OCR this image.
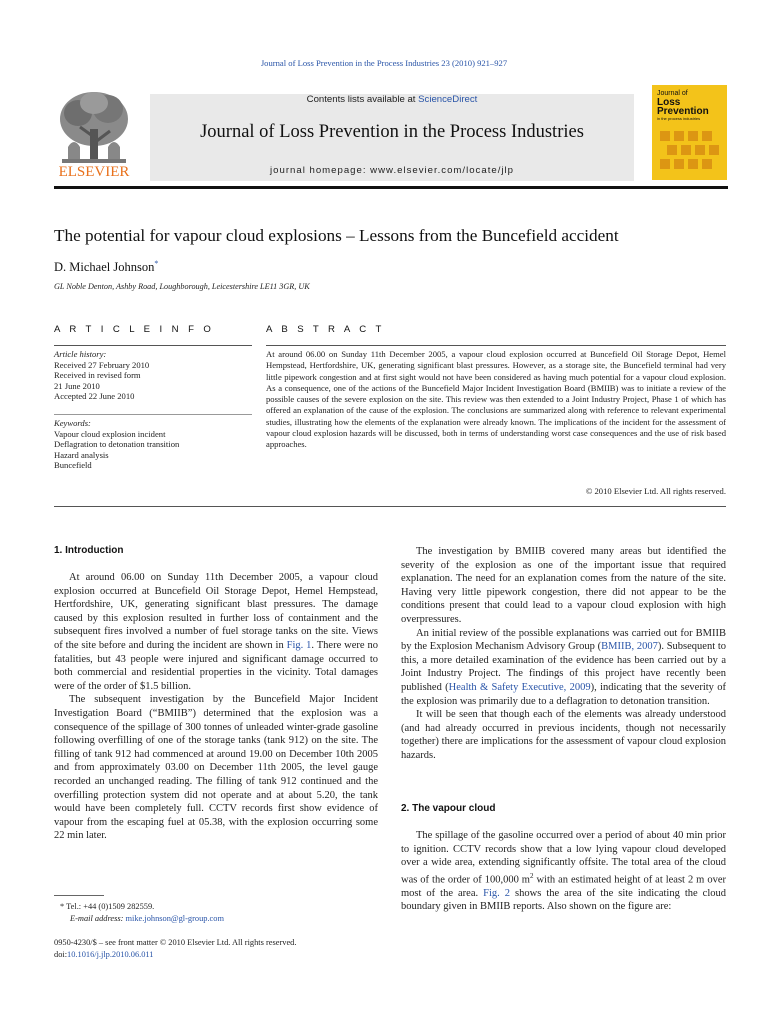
Journal of Loss Prevention in the Process Industries 23 (2010) 921–927
ELSEVIER
Contents lists available at ScienceDirect
Journal of Loss Prevention in the Process Industries
journal homepage: www.elsevier.com/locate/jlp
Journal of
Loss
Prevention
in the process industries
The potential for vapour cloud explosions – Lessons from the Buncefield accident
D. Michael Johnson*
GL Noble Denton, Ashby Road, Loughborough, Leicestershire LE11 3GR, UK
A R T I C L E I N F O	A B S T R A C T
Article history:
Received 27 February 2010
Received in revised form
21 June 2010
Accepted 22 June 2010
Keywords:
Vapour cloud explosion incident
Deflagration to detonation transition
Hazard analysis
Buncefield
At around 06.00 on Sunday 11th December 2005, a vapour cloud explosion occurred at Buncefield Oil Storage Depot, Hemel Hempstead, Hertfordshire, UK, generating significant blast pressures. However, as a storage site, the Buncefield terminal had very little pipework congestion and at first sight would not have been considered as having much potential for a vapour cloud explosion. As a consequence, one of the actions of the Buncefield Major Incident Investigation Board (BMIIB) was to initiate a review of the possible causes of the severe explosion on the site. This review was then extended to a Joint Industry Project, Phase 1 of which has offered an explanation of the cause of the explosion. The conclusions are summarized along with reference to relevant experimental studies, illustrating how the elements of the explanation were already known. The implications of the incident for the assessment of vapour cloud explosion hazards will be discussed, both in terms of understanding worst case consequences and the use of risk based approaches.
© 2010 Elsevier Ltd. All rights reserved.
1. Introduction

At around 06.00 on Sunday 11th December 2005, a vapour cloud explosion occurred at Buncefield Oil Storage Depot, Hemel Hempstead, Hertfordshire, UK, generating significant blast pressures. The damage caused by this explosion resulted in further loss of containment and the subsequent fires involved a number of fuel storage tanks on the site. Views of the site before and during the incident are shown in Fig. 1. There were no fatalities, but 43 people were injured and significant damage occurred to both commercial and residential properties in the vicinity. Total damages were of the order of $1.5 billion.

The subsequent investigation by the Buncefield Major Incident Investigation Board (“BMIIB”) determined that the explosion was a consequence of the spillage of 300 tonnes of unleaded winter-grade gasoline following overfilling of one of the storage tanks (tank 912) on the site. The filling of tank 912 had commenced at around 19.00 on December 10th 2005 and from approximately 03.00 on December 11th 2005, the level gauge recorded an unchanged reading. The filling of tank 912 continued and the overfilling protection system did not operate and at about 5.20, the tank would have been completely full. CCTV records first show evidence of vapour from the escaping fuel at 05.38, with the explosion occurring some 22 min later.

The investigation by BMIIB covered many areas but identified the severity of the explosion as one of the important issue that required explanation. The need for an explanation comes from the nature of the site. Having very little pipework congestion, there did not appear to be the conditions present that could lead to a vapour cloud explosion with high overpressures.

An initial review of the possible explanations was carried out for BMIIB by the Explosion Mechanism Advisory Group (BMIIB, 2007). Subsequent to this, a more detailed examination of the evidence has been carried out by a Joint Industry Project. The findings of this project have recently been published (Health & Safety Executive, 2009), indicating that the severity of the explosion was primarily due to a deflagration to detonation transition.

It will be seen that though each of the elements was already understood (and had already occurred in previous incidents, though not necessarily together) there are implications for the assessment of vapour cloud explosion hazards.

2. The vapour cloud

The spillage of the gasoline occurred over a period of about 40 min prior to ignition. CCTV records show that a low lying vapour cloud developed over a wide area, extending significantly offsite. The total area of the cloud was of the order of 100,000 $m^2$ with an estimated height of at least 2 m over most of the area. Fig. 2 shows the area of the site indicating the cloud boundary given in BMIIB reports. Also shown on the figure are:

* Tel.: +44 (0)1509 282559.
E-mail address: mike.johnson@gl-group.com
0950-4230/$ – see front matter © 2010 Elsevier Ltd. All rights reserved.
doi:10.1016/j.jlp.2010.06.011
